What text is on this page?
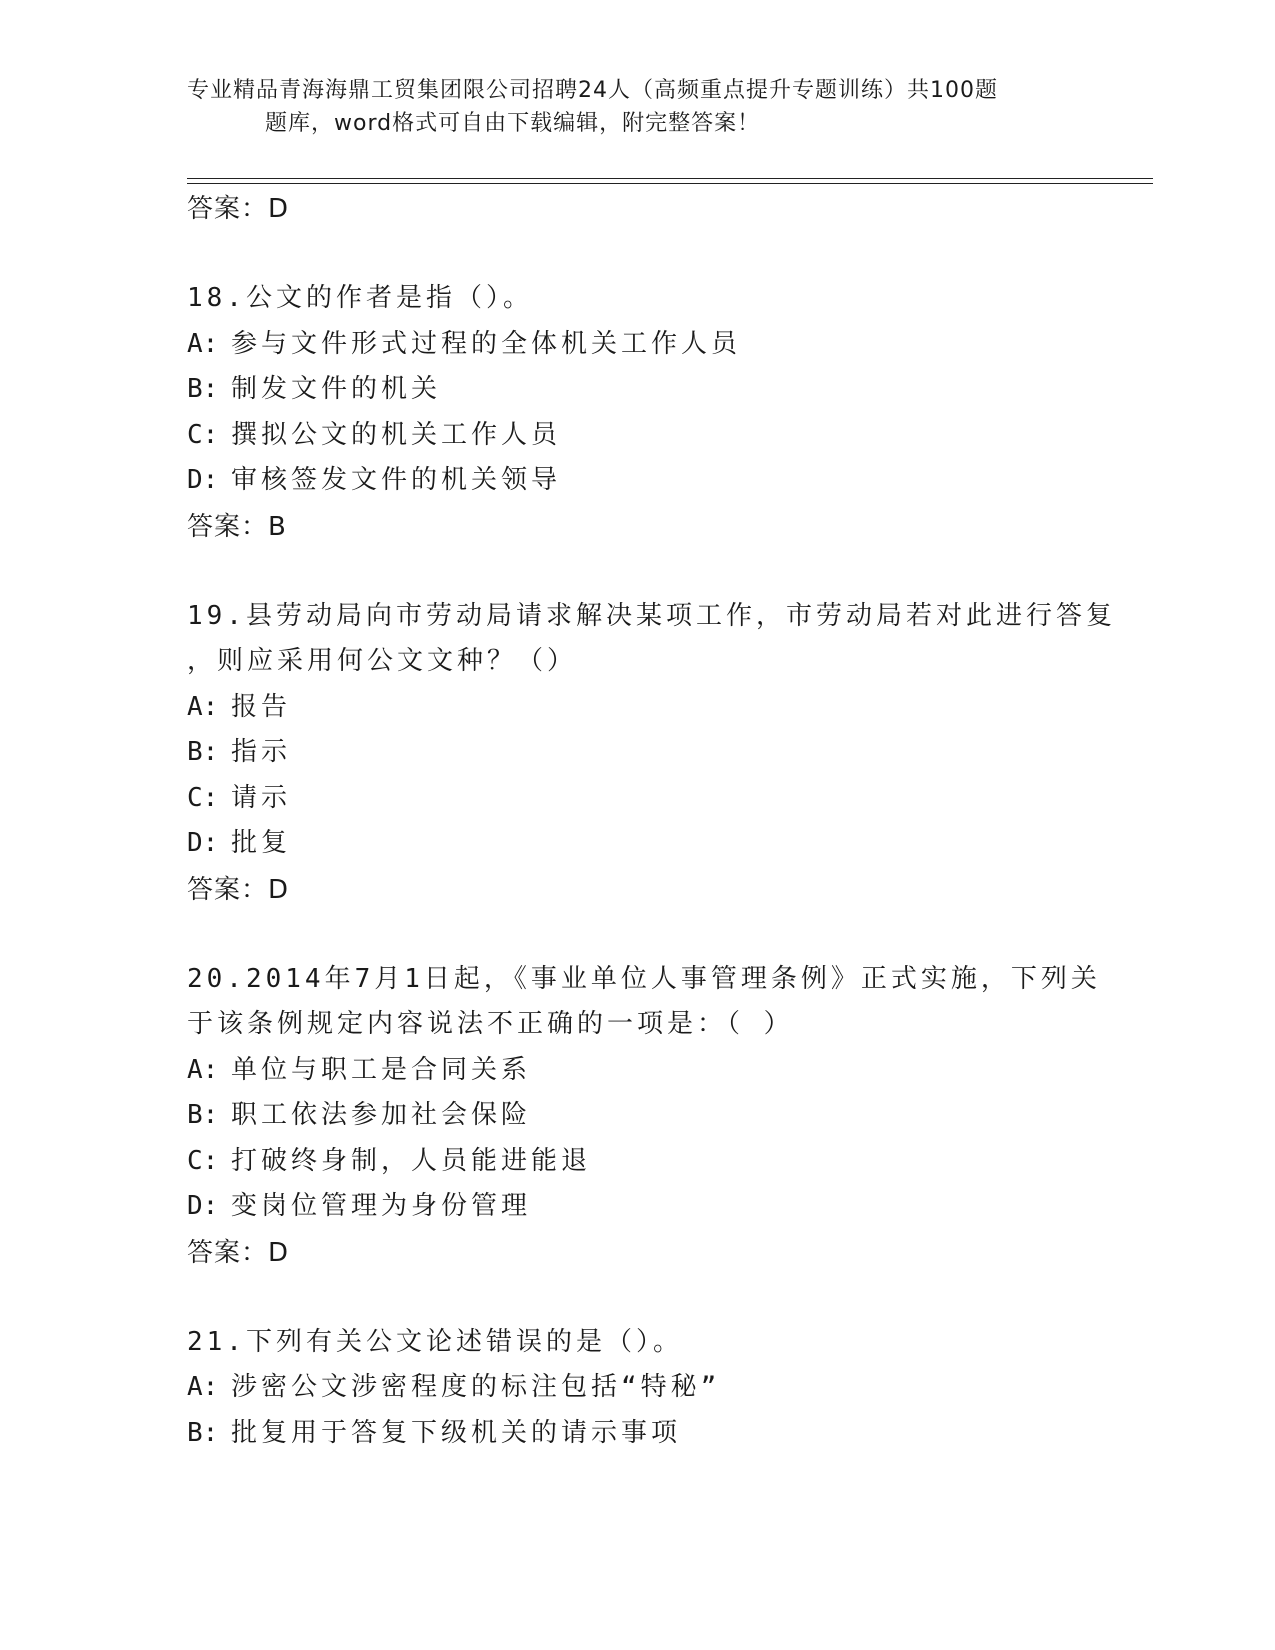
专业精品青海海鼎工贸集团限公司招聘24人（高频重点提升专题训练）共100题
题库，word格式可自由下载编辑，附完整答案！
答案：D
18.公文的作者是指（）。
A: 参与文件形式过程的全体机关工作人员
B: 制发文件的机关
C: 撰拟公文的机关工作人员
D: 审核签发文件的机关领导
答案：B
19.县劳动局向市劳动局请求解决某项工作，市劳动局若对此进行答复
，则应采用何公文文种？（）
A: 报告
B: 指示
C: 请示
D: 批复
答案：D
20.2014年7月1日起，《事业单位人事管理条例》正式实施，下列关
于该条例规定内容说法不正确的一项是：（ ）
A: 单位与职工是合同关系
B: 职工依法参加社会保险
C: 打破终身制，人员能进能退
D: 变岗位管理为身份管理
答案：D
21.下列有关公文论述错误的是（）。
A: 涉密公文涉密程度的标注包括“特秘”
B: 批复用于答复下级机关的请示事项
